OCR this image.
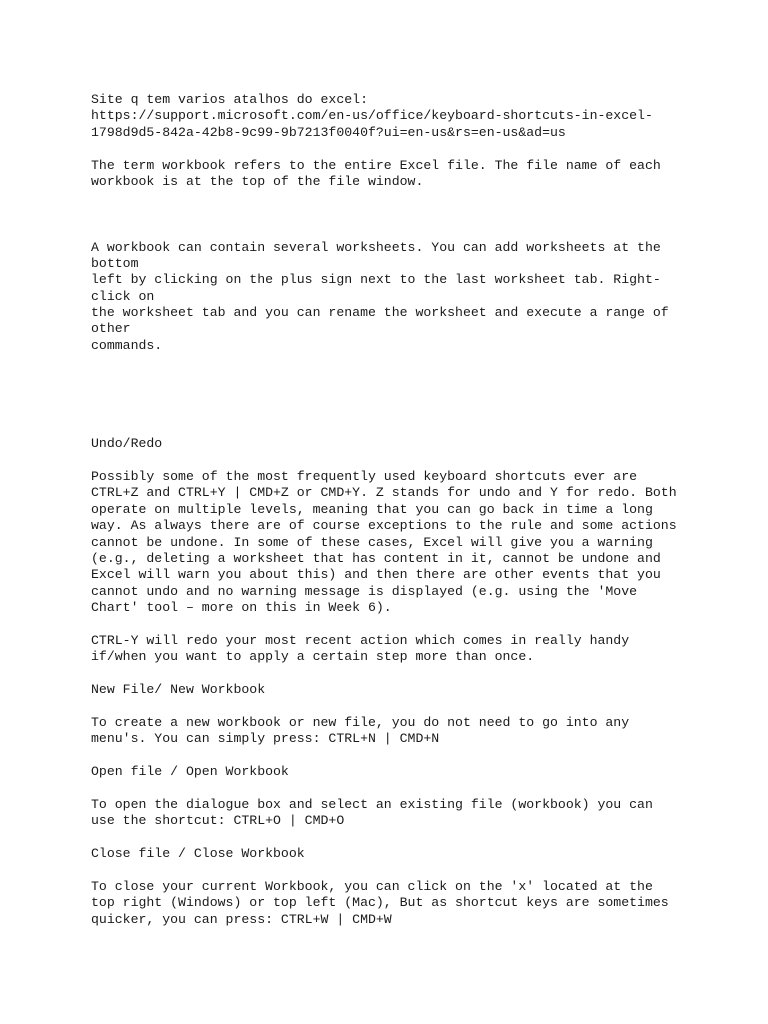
Site q tem varios atalhos do excel:
https://support.microsoft.com/en-us/office/keyboard-shortcuts-in-excel-
1798d9d5-842a-42b8-9c99-9b7213f0040f?ui=en-us&rs=en-us&ad=us
The term workbook refers to the entire Excel file. The file name of each
workbook is at the top of the file window.
A workbook can contain several worksheets. You can add worksheets at the
bottom
left by clicking on the plus sign next to the last worksheet tab. Right-
click on
the worksheet tab and you can rename the worksheet and execute a range of
other
commands.
Undo/Redo
Possibly some of the most frequently used keyboard shortcuts ever are
CTRL+Z and CTRL+Y | CMD+Z or CMD+Y. Z stands for undo and Y for redo. Both
operate on multiple levels, meaning that you can go back in time a long
way. As always there are of course exceptions to the rule and some actions
cannot be undone. In some of these cases, Excel will give you a warning
(e.g., deleting a worksheet that has content in it, cannot be undone and
Excel will warn you about this) and then there are other events that you
cannot undo and no warning message is displayed (e.g. using the 'Move
Chart' tool – more on this in Week 6).
CTRL-Y will redo your most recent action which comes in really handy
if/when you want to apply a certain step more than once.
New File/ New Workbook
To create a new workbook or new file, you do not need to go into any
menu's. You can simply press: CTRL+N | CMD+N
Open file / Open Workbook
To open the dialogue box and select an existing file (workbook) you can
use the shortcut: CTRL+O | CMD+O
Close file / Close Workbook
To close your current Workbook, you can click on the 'x' located at the
top right (Windows) or top left (Mac), But as shortcut keys are sometimes
quicker, you can press: CTRL+W | CMD+W
